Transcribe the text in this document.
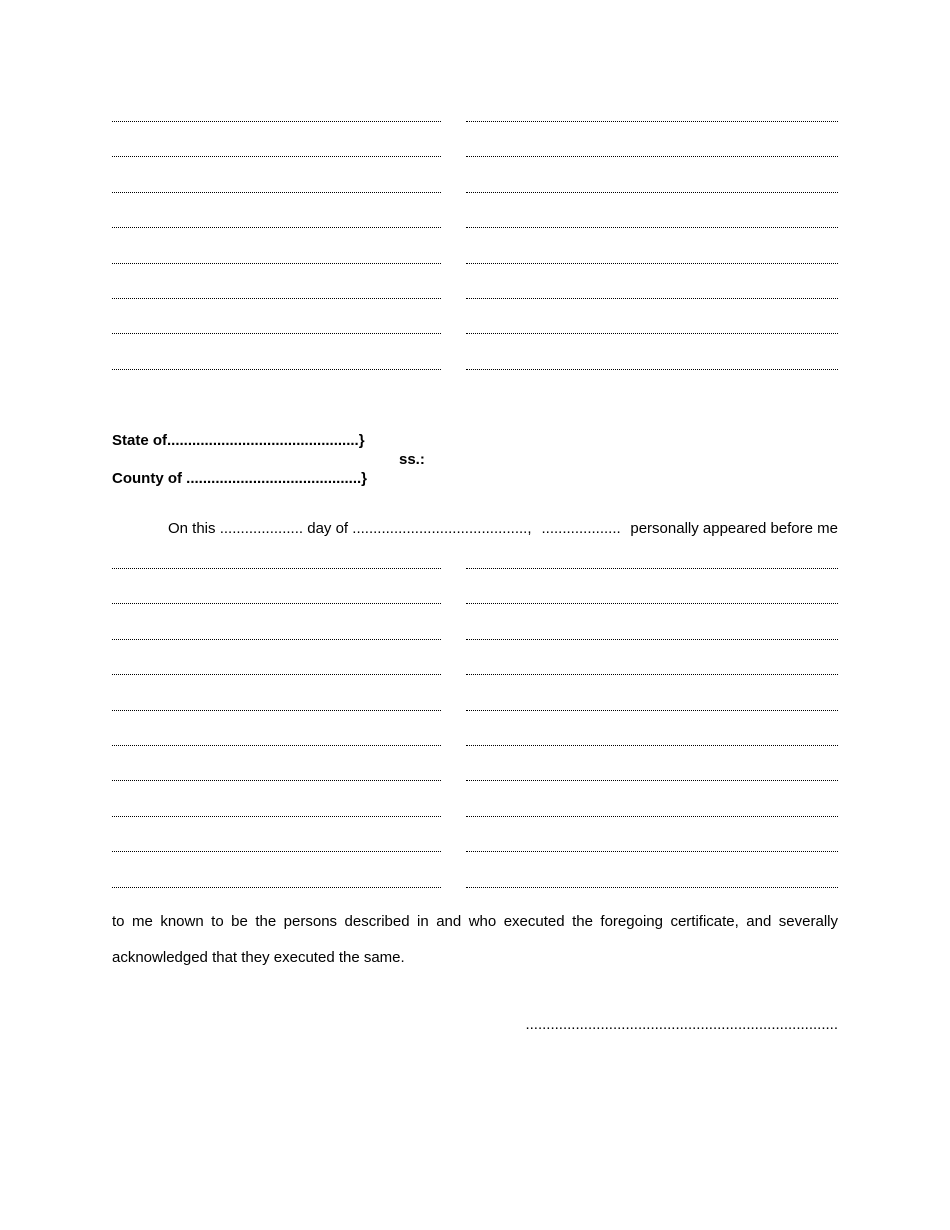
State of..............................................}
ss.:
County of ..........................................}
On this
....................
day of
.........................................., ................... personally appeared before me
to me known to be the persons described in and who executed the foregoing certificate, and severally
acknowledged that they executed the same.
...........................................................................
